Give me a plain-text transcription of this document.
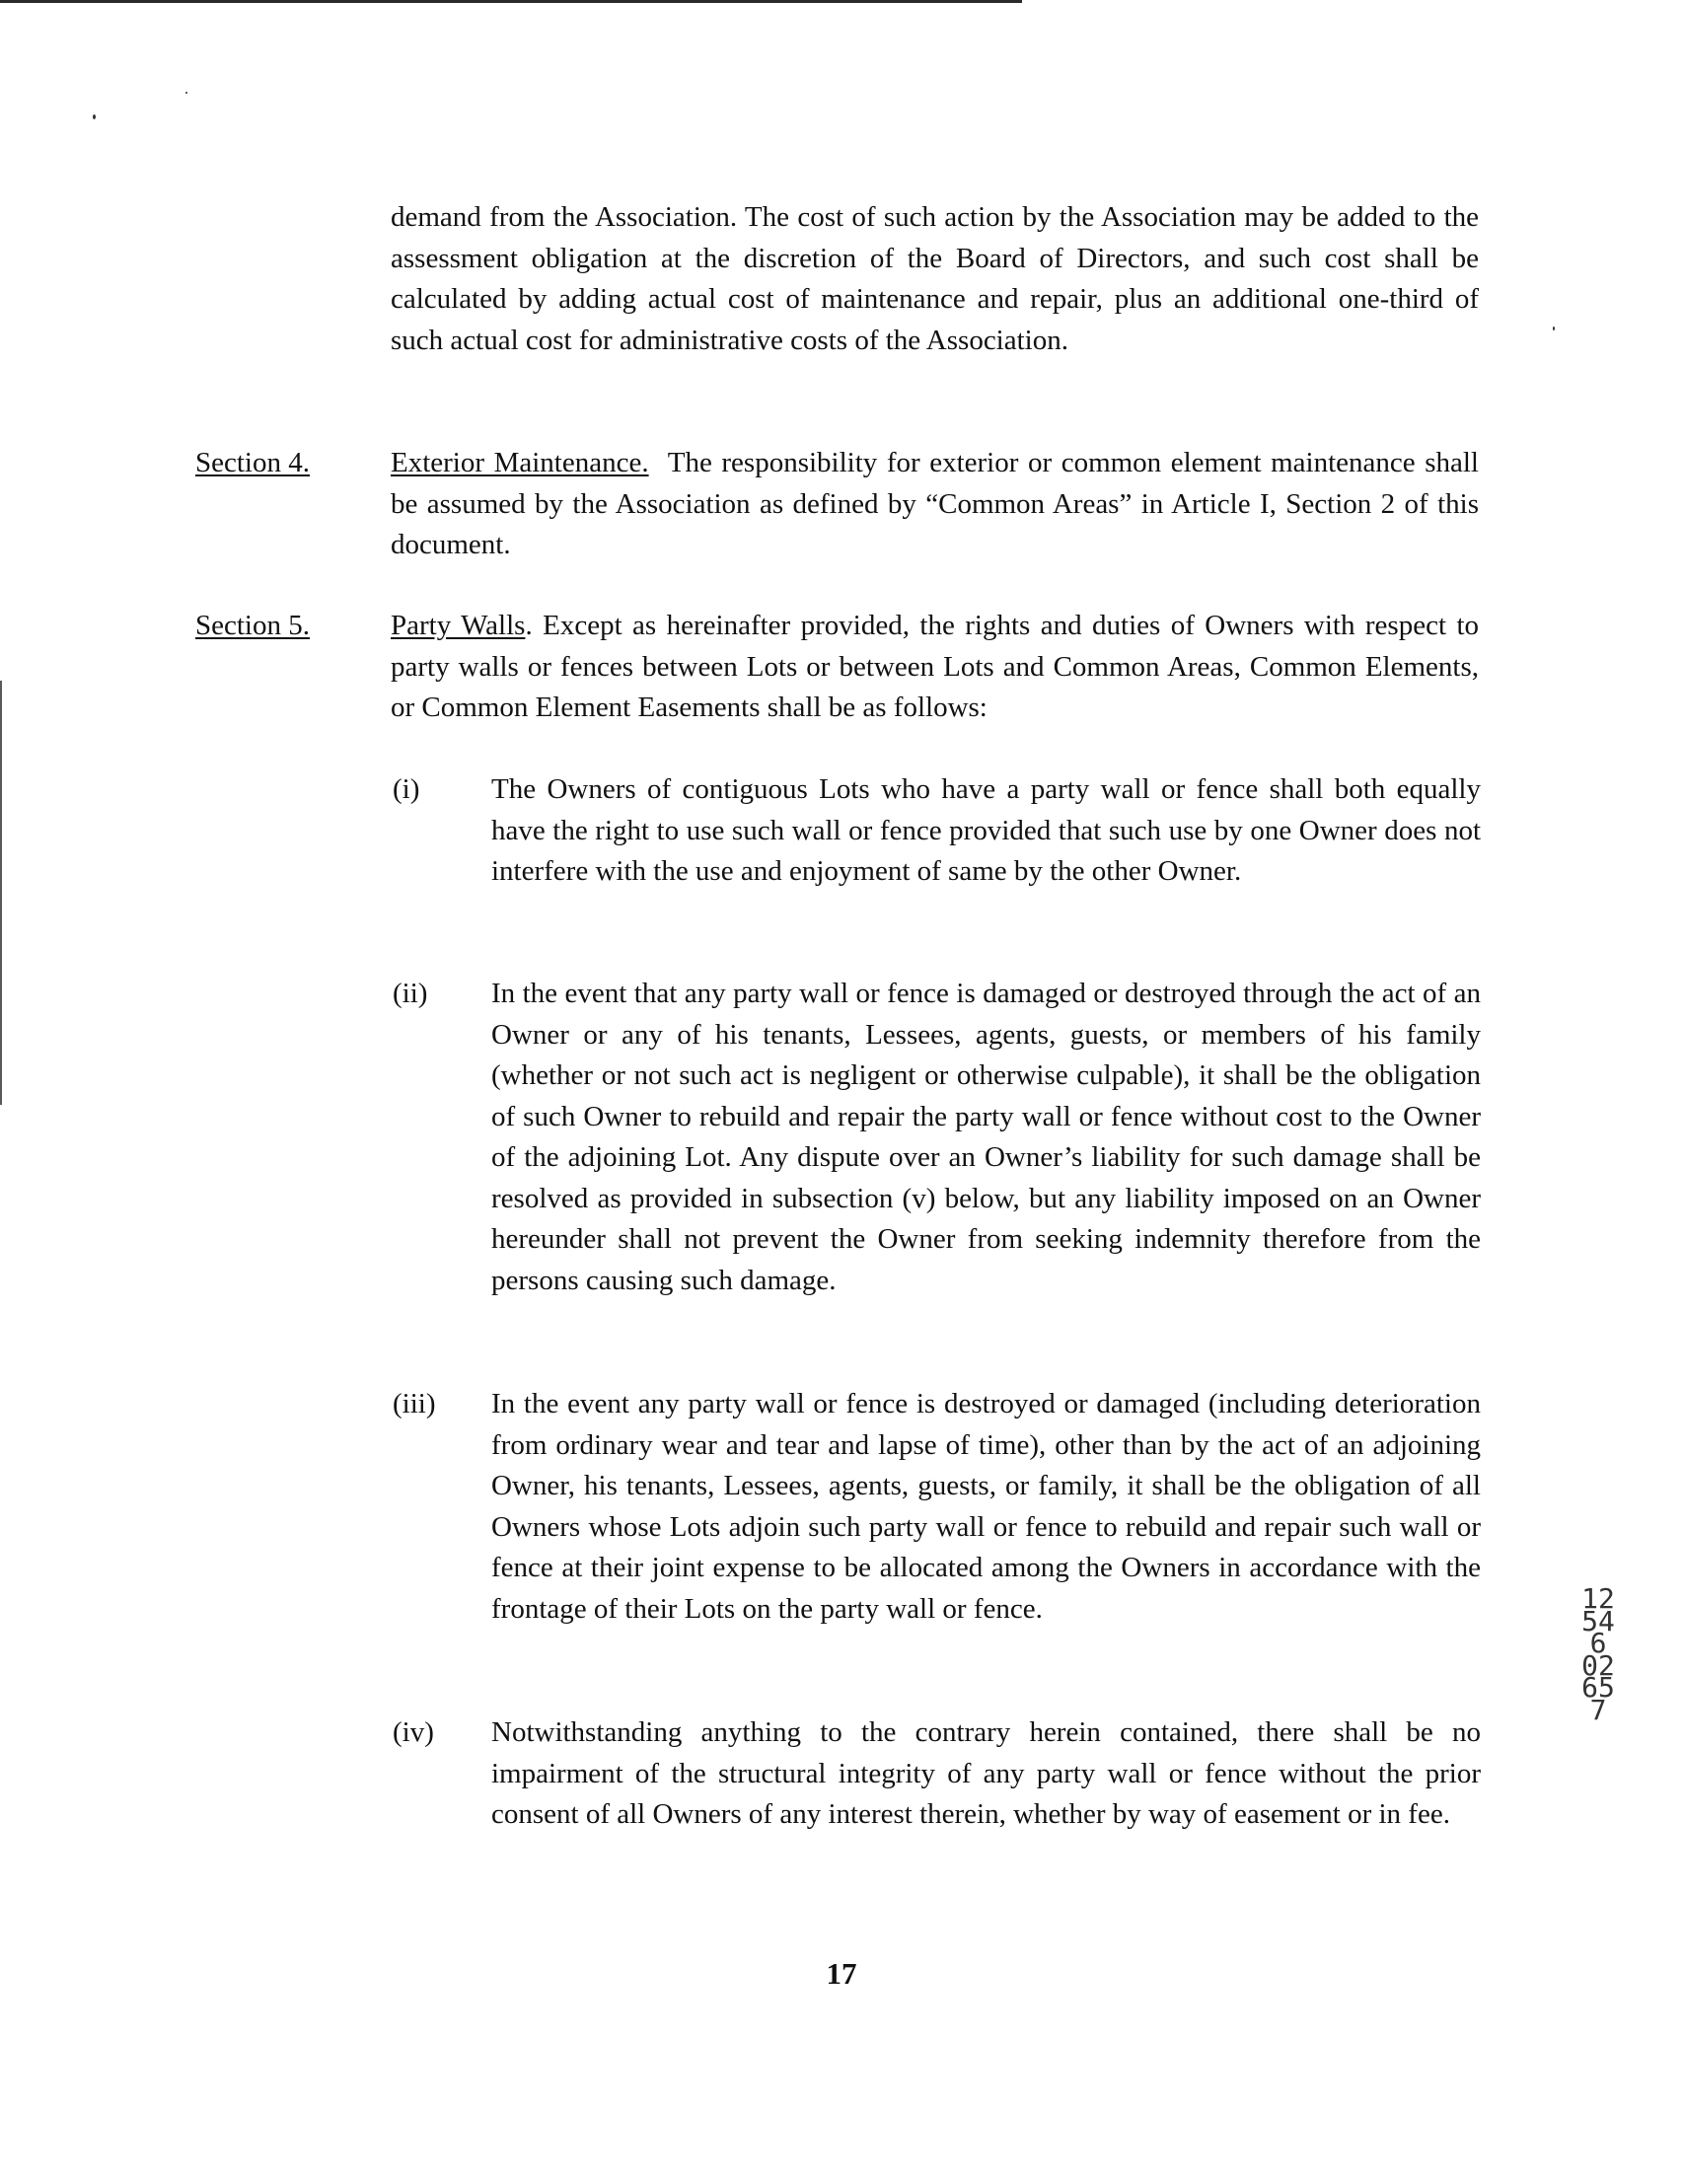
demand from the Association. The cost of such action by the Association may be added to the assessment obligation at the discretion of the Board of Directors, and such cost shall be calculated by adding actual cost of maintenance and repair, plus an additional one-third of such actual cost for administrative costs of the Association.

Section 4.	Exterior Maintenance. The responsibility for exterior or common element maintenance shall be assumed by the Association as defined by “Common Areas” in Article I, Section 2 of this document.

Section 5.	Party Walls. Except as hereinafter provided, the rights and duties of Owners with respect to party walls or fences between Lots or between Lots and Common Areas, Common Elements, or Common Element Easements shall be as follows:

(i)	The Owners of contiguous Lots who have a party wall or fence shall both equally have the right to use such wall or fence provided that such use by one Owner does not interfere with the use and enjoyment of same by the other Owner.

(ii) In the event that any party wall or fence is damaged or destroyed through the act of an Owner or any of his tenants, Lessees, agents, guests, or members of his family (whether or not such act is negligent or otherwise culpable), it shall be the obligation of such Owner to rebuild and repair the party wall or fence without cost to the Owner of the adjoining Lot. Any dispute over an Owner’s liability for such damage shall be resolved as provided in subsection (v) below, but any liability imposed on an Owner hereunder shall not prevent the Owner from seeking indemnity therefore from the persons causing such damage.

(iii) In the event any party wall or fence is destroyed or damaged (including deterioration from ordinary wear and tear and lapse of time), other than by the act of an adjoining Owner, his tenants, Lessees, agents, guests, or family, it shall be the obligation of all Owners whose Lots adjoin such party wall or fence to rebuild and repair such wall or fence at their joint expense to be allocated among the Owners in accordance with the frontage of their Lots on the party wall or fence.

(iv) Notwithstanding anything to the contrary herein contained, there shall be no impairment of the structural integrity of any party wall or fence without the prior consent of all Owners of any interest therein, whether by way of easement or in fee.

17
12546 02657
